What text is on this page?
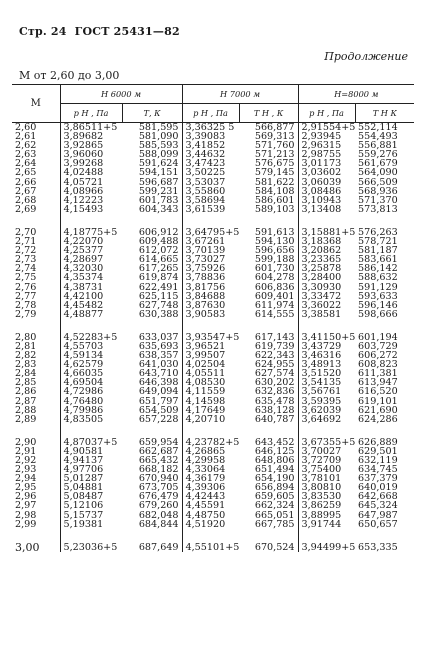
Стр. 24 ГОСТ 25431—82
Продолжение
М от 2,60 до 3,00
М	Н 6000 м		Н 7000 м		Н=8000 м	
	р Н , Па	Т, К	р Н , Па	Т Н , К	р Н , Па	Т Н К
2,60	3,86511+5	581,595	3,36325 5	566,877	2,91554+5	552,114
2,61	3,89682	581,090	3,39083	569,313	2,93945	554,493
2,62	3,92865	585,593	3,41852	571,760	2,96315	556,881
2,63	3,96060	588,099	3,44632	571,213	2,98755	559,276
2,64	3,99268	591,624	3,47423	576,675	3,01173	561,679
2,65	4,02488	594,151	3,50225	579,145	3,03602	564,090
2,66	4,05721	596,687	3,53037	581,622	3,06039	566,509
2,67	4,08966	599,231	3,55860	584,108	3,08486	568,936
2,68	4,12223	601,783	3,58694	586,601	3,10943	571,370
2,69	4,15493	604,343	3,61539	589,103	3,13408	573,813

2,70	4,18775+5	606,912	3,64795+5	591,613	3,15881+5	576,263
2,71	4,22070	609,488	3,67261	594,130	3,18368	578,721
2,72	4,25377	612,072	3,70139	596,656	3,20862	581,187
2,73	4,28697	614,665	3,73027	599,188	3,23365	583,661
2,74	4,32030	617,265	3,75926	601,730	3,25878	586,142
2,75	4,35374	619,874	3,78836	604,278	3,28400	588,632
2,76	4,38731	622,491	3,81756	606,836	3,30930	591,129
2,77	4,42100	625,115	3,84688	609,401	3,33472	593,633
2,78	4,45482	627,748	3,87630	611,974	3,36022	596,146
2,79	4,48877	630,388	3,90583	614,555	3,38581	598,666

2,80	4,52283+5	633,037	3,93547+5	617,143	3,41150+5	601,194
2,81	4,55703	635,693	3,96521	619,739	3,43729	603,729
2,82	4,59134	638,357	3,99507	622,343	3,46316	606,272
2,83	4,62579	641,030	4,02504	624,955	3,48913	608,823
2,84	4,66035	643,710	4,05511	627,574	3,51520	611,381
2,85	4,69504	646,398	4,08530	630,202	3,54135	613,947
2,86	4,72986	649,094	4,11559	632,836	3,56761	616,520
2,87	4,76480	651,797	4,14598	635,478	3,59395	619,101
2,88	4,79986	654,509	4,17649	638,128	3,62039	621,690
2,89	4,83505	657,228	4,20710	640,787	3,64692	624,286

2,90	4,87037+5	659,954	4,23782+5	643,452	3,67355+5	626,889
2,91	4,90581	662,687	4,26865	646,125	3,70027	629,501
2,92	4,94137	665,432	4,29958	648,806	3,72709	632,119
2,93	4,97706	668,182	4,33064	651,494	3,75400	634,745
2,94	5,01287	670,940	4,36179	654,190	3,78101	637,379
2,95	5,04881	673,705	4,39306	656,894	3,80810	640,019
2,96	5,08487	676,479	4,42443	659,605	3,83530	642,668
2,97	5,12106	679,260	4,45591	662,324	3,86259	645,324
2,98	5,15737	682,048	4,48750	665,051	3,88995	647,987
2,99	5,19381	684,844	4,51920	667,785	3,91744	650,657

3,00	5,23036+5	687,649	4,55101+5	670,524	3,94499+5	653,335
